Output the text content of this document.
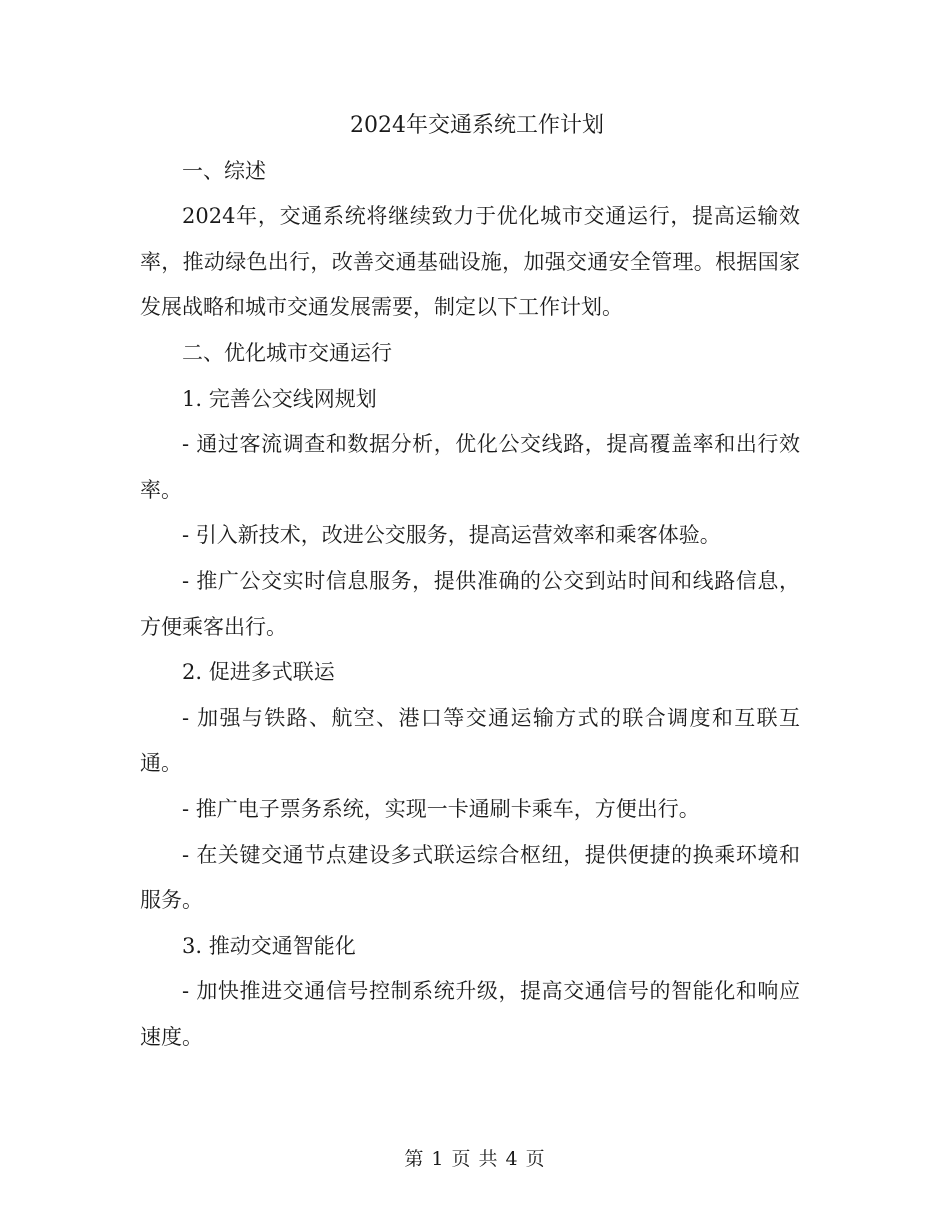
2024年交通系统工作计划

一、综述

2024年，交通系统将继续致力于优化城市交通运行，提高运输效率，推动绿色出行，改善交通基础设施，加强交通安全管理。根据国家发展战略和城市交通发展需要，制定以下工作计划。

二、优化城市交通运行

1. 完善公交线网规划

- 通过客流调查和数据分析，优化公交线路，提高覆盖率和出行效率。

- 引入新技术，改进公交服务，提高运营效率和乘客体验。

- 推广公交实时信息服务，提供准确的公交到站时间和线路信息，方便乘客出行。

2. 促进多式联运

- 加强与铁路、航空、港口等交通运输方式的联合调度和互联互通。

- 推广电子票务系统，实现一卡通刷卡乘车，方便出行。

- 在关键交通节点建设多式联运综合枢纽，提供便捷的换乘环境和服务。

3. 推动交通智能化

- 加快推进交通信号控制系统升级，提高交通信号的智能化和响应速度。

第 1 页 共 4 页
